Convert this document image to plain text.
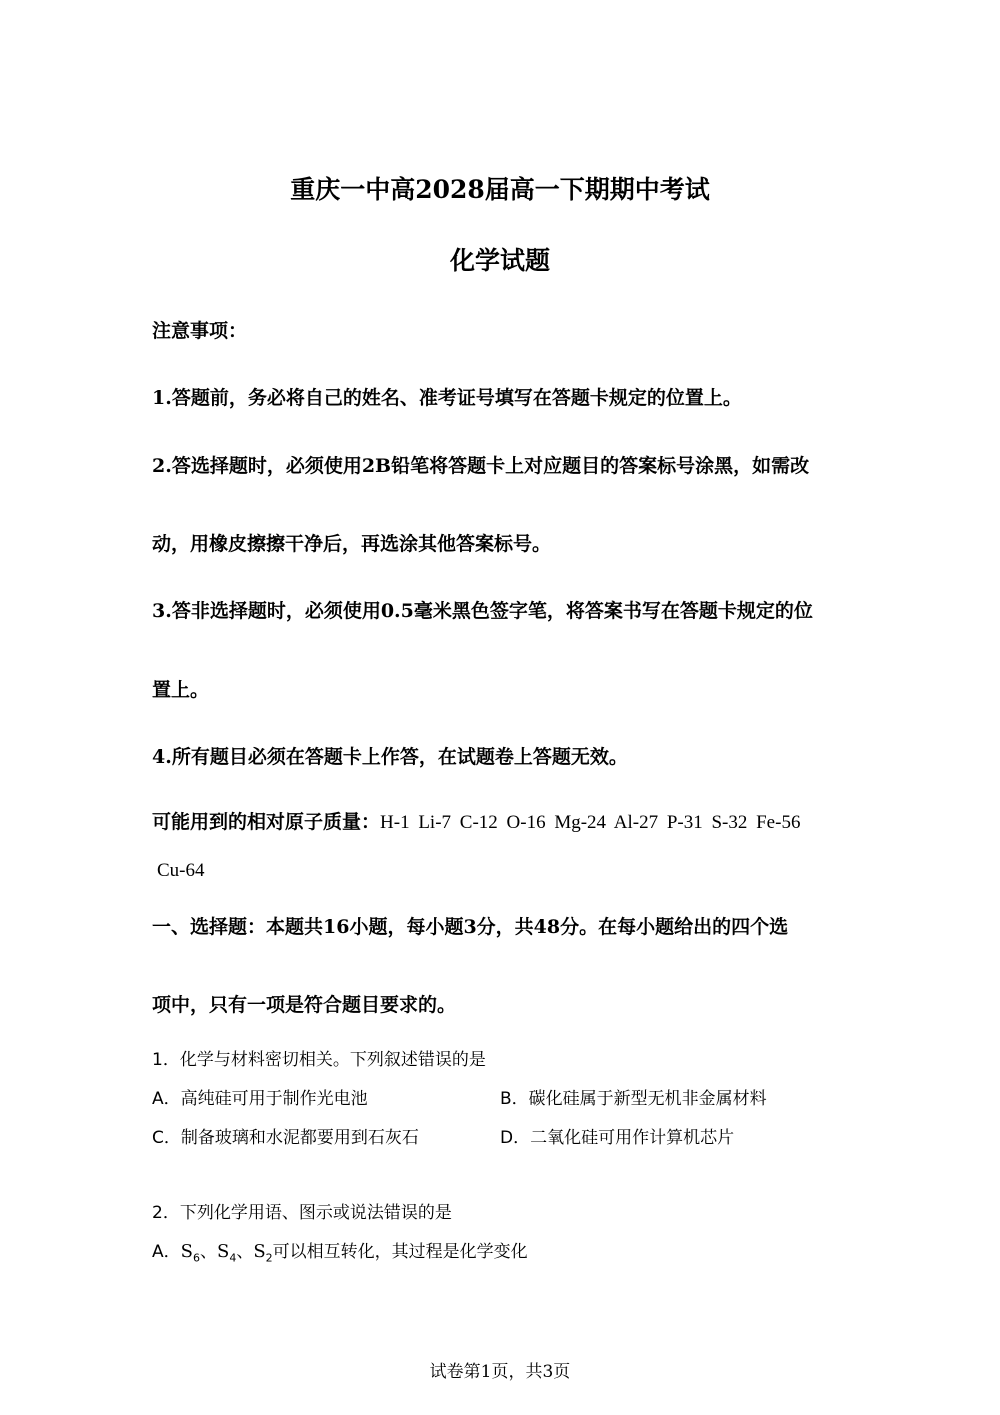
重庆一中高2028届高一下期期中考试
化学试题
注意事项：
1.答题前，务必将自己的姓名、准考证号填写在答题卡规定的位置上。
2.答选择题时，必须使用2B铅笔将答题卡上对应题目的答案标号涂黑，如需改
动，用橡皮擦擦干净后，再选涂其他答案标号。
3.答非选择题时，必须使用0.5毫米黑色签字笔，将答案书写在答题卡规定的位
置上。
4.所有题目必须在答题卡上作答，在试题卷上答题无效。
可能用到的相对原子质量：H-1 Li-7 C-12 O-16 Mg-24 Al-27 P-31 S-32 Fe-56
Cu-64
一、选择题：本题共16小题，每小题3分，共48分。在每小题给出的四个选
项中，只有一项是符合题目要求的。
1．化学与材料密切相关。下列叙述错误的是
A．高纯硅可用于制作光电池	B．碳化硅属于新型无机非金属材料
C．制备玻璃和水泥都要用到石灰石	D．二氧化硅可用作计算机芯片
2．下列化学用语、图示或说法错误的是
A．$S_6$、$S_4$、$S_2$可以相互转化，其过程是化学变化
试卷第1页，共3页
